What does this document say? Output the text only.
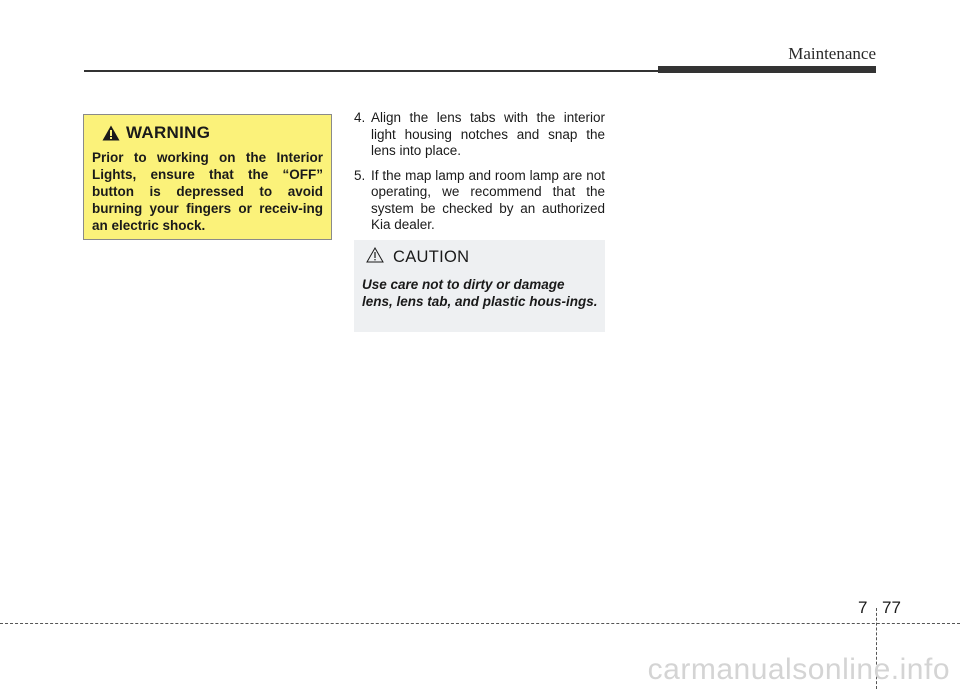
Maintenance
WARNING
Prior to working on the Interior Lights, ensure that the “OFF” button is depressed to avoid burning your fingers or receiv-ing an electric shock.
4. Align the lens tabs with the interior light housing notches and snap the lens into place.
5. If the map lamp and room lamp are not operating, we recommend that the system be checked by an authorized Kia dealer.
CAUTION
Use care not to dirty or damage lens, lens tab, and plastic hous-ings.
7 77
carmanualsonline.info
